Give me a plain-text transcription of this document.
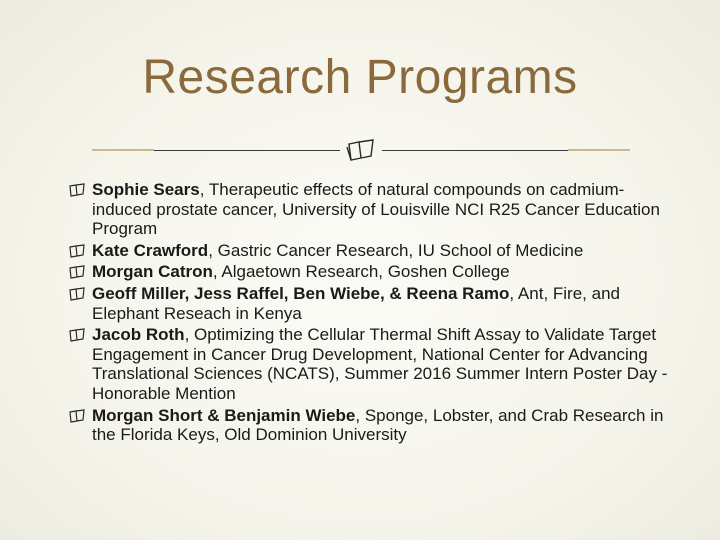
Research Programs
Sophie Sears, Therapeutic effects of natural compounds on cadmium-induced prostate cancer, University of Louisville NCI R25 Cancer Education Program
Kate Crawford, Gastric Cancer Research, IU School of Medicine
Morgan Catron, Algaetown Research, Goshen College
Geoff Miller, Jess Raffel, Ben Wiebe, & Reena Ramo, Ant, Fire, and Elephant Reseach in Kenya
Jacob Roth, Optimizing the Cellular Thermal Shift Assay to Validate Target Engagement in Cancer Drug Development, National Center for Advancing Translational Sciences (NCATS), Summer 2016 Summer Intern Poster Day - Honorable Mention
Morgan Short & Benjamin Wiebe, Sponge, Lobster, and Crab Research in the Florida Keys, Old Dominion University
